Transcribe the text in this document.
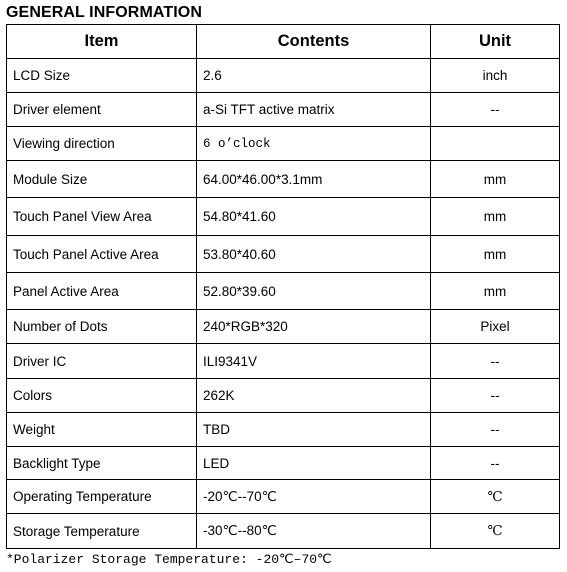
GENERAL INFORMATION
Item	Contents	Unit
LCD Size	2.6	inch
Driver element	a-Si TFT active matrix	--
Viewing direction	6 o’clock	
Module Size	64.00*46.00*3.1mm	mm
Touch Panel View Area	54.80*41.60	mm
Touch Panel Active Area	53.80*40.60	mm
Panel Active Area	52.80*39.60	mm
Number of Dots	240*RGB*320	Pixel
Driver IC	ILI9341V	--
Colors	262K	--
Weight	TBD	--
Backlight Type	LED	--
Operating Temperature	-20℃--70℃	℃
Storage Temperature	-30℃--80℃	℃
*Polarizer Storage Temperature: -20℃–70℃
